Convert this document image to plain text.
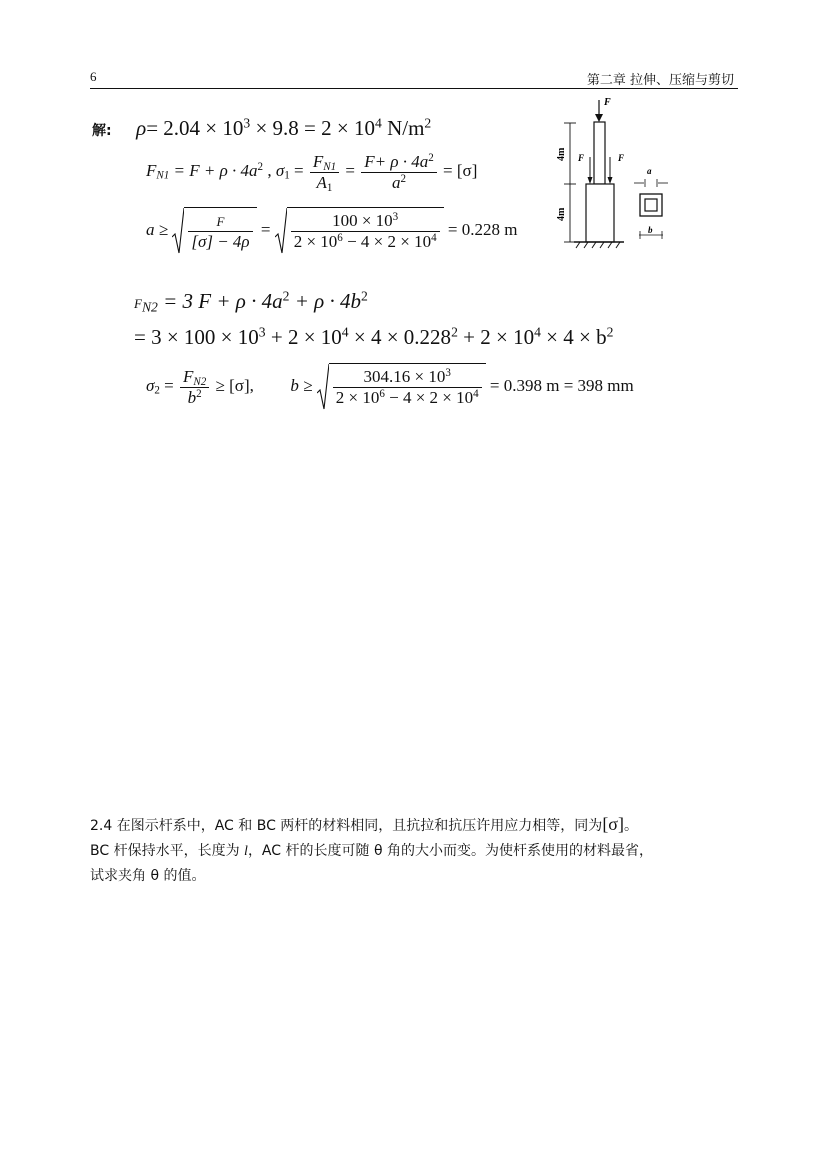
6	第二章 拉伸、压缩与剪切
解: $\rho= 2.04 \times 10^3 \times 9.8 = 2 \times 10^4$ $N/m^2$
$F_{N1} = F + \rho \cdot 4a^2$ , $\sigma_1 = \frac{F_{N1}}{A_1} = \frac{F+ \rho \cdot 4a^2}{a^2} = [\sigma]$
$a \ge \frac{F}{[\sigma] - 4\rho} = \frac{100 \times 10^3}{2 \times 10^6 - 4 \times 2 \times 10^4} = 0.228$ m
$F_{N2} = 3$ $F + \rho \cdot 4a^2 + \rho \cdot 4b^2$
= $3 \times 100 \times 10^3 + 2 \times 10^4 \times 4 \times 0.228^2 + 2 \times 10^4 \times 4 \times b^2$
$\sigma_2 = \frac{F_{N2}}{b^2} \ge [\sigma]$, $b \ge \frac{304.16 \times 10^3}{2 \times 10^6 - 4 \times 2 \times 10^4} = 0.398$ m = 398 mm
F
F	F
4m
4m
a
b

2.4 在图示杆系中，AC 和 BC 两杆的材料相同，且抗拉和抗压许用应力相等，同为[σ]。

BC 杆保持水平，长度为 l，AC 杆的长度可随 θ 角的大小而变。为使杆系使用的材料最省，

试求夹角 θ 的值。
